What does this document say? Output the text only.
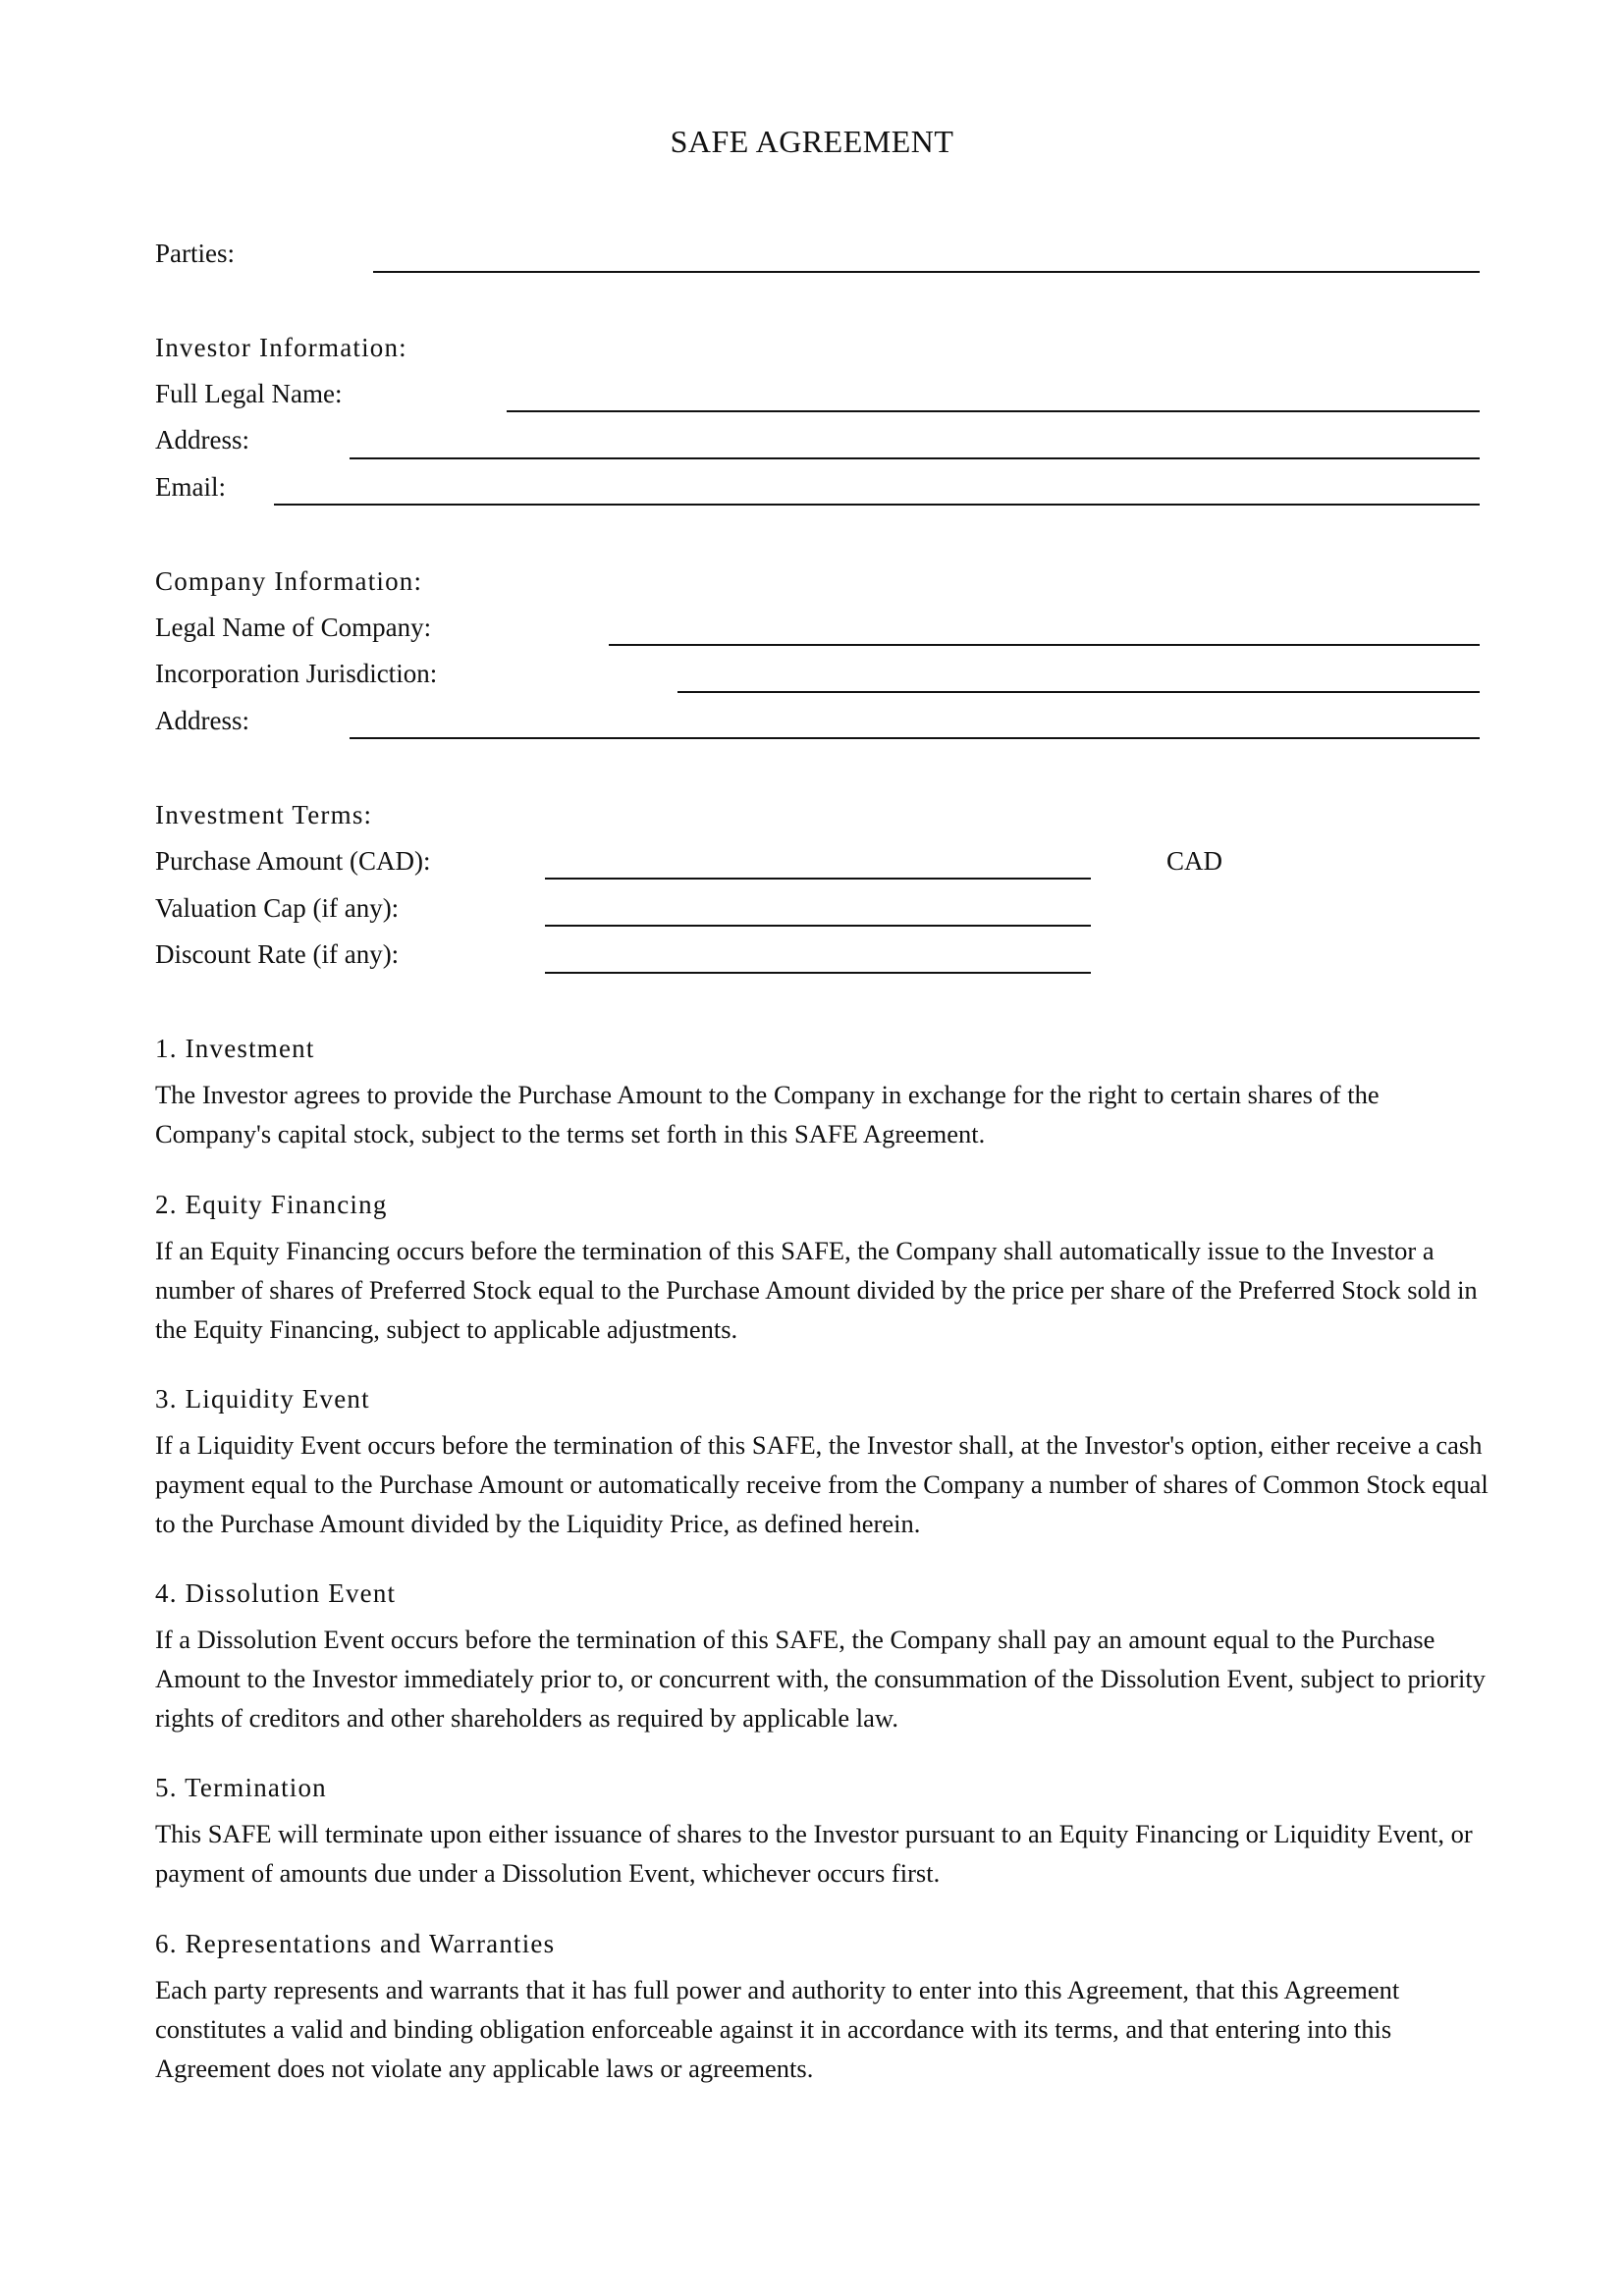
SAFE AGREEMENT
Parties:
Investor Information:
Full Legal Name:
Address:
Email:
Company Information:
Legal Name of Company:
Incorporation Jurisdiction:
Address:
Investment Terms:
Purchase Amount (CAD):	CAD
Valuation Cap (if any):
Discount Rate (if any):
1. Investment

The Investor agrees to provide the Purchase Amount to the Company in exchange for the right to certain shares of the Company's capital stock, subject to the terms set forth in this SAFE Agreement.

2. Equity Financing

If an Equity Financing occurs before the termination of this SAFE, the Company shall automatically issue to the Investor a number of shares of Preferred Stock equal to the Purchase Amount divided by the price per share of the Preferred Stock sold in the Equity Financing, subject to applicable adjustments.

3. Liquidity Event

If a Liquidity Event occurs before the termination of this SAFE, the Investor shall, at the Investor's option, either receive a cash payment equal to the Purchase Amount or automatically receive from the Company a number of shares of Common Stock equal to the Purchase Amount divided by the Liquidity Price, as defined herein.

4. Dissolution Event

If a Dissolution Event occurs before the termination of this SAFE, the Company shall pay an amount equal to the Purchase Amount to the Investor immediately prior to, or concurrent with, the consummation of the Dissolution Event, subject to priority rights of creditors and other shareholders as required by applicable law.

5. Termination

This SAFE will terminate upon either issuance of shares to the Investor pursuant to an Equity Financing or Liquidity Event, or payment of amounts due under a Dissolution Event, whichever occurs first.

6. Representations and Warranties

Each party represents and warrants that it has full power and authority to enter into this Agreement, that this Agreement constitutes a valid and binding obligation enforceable against it in accordance with its terms, and that entering into this Agreement does not violate any applicable laws or agreements.
